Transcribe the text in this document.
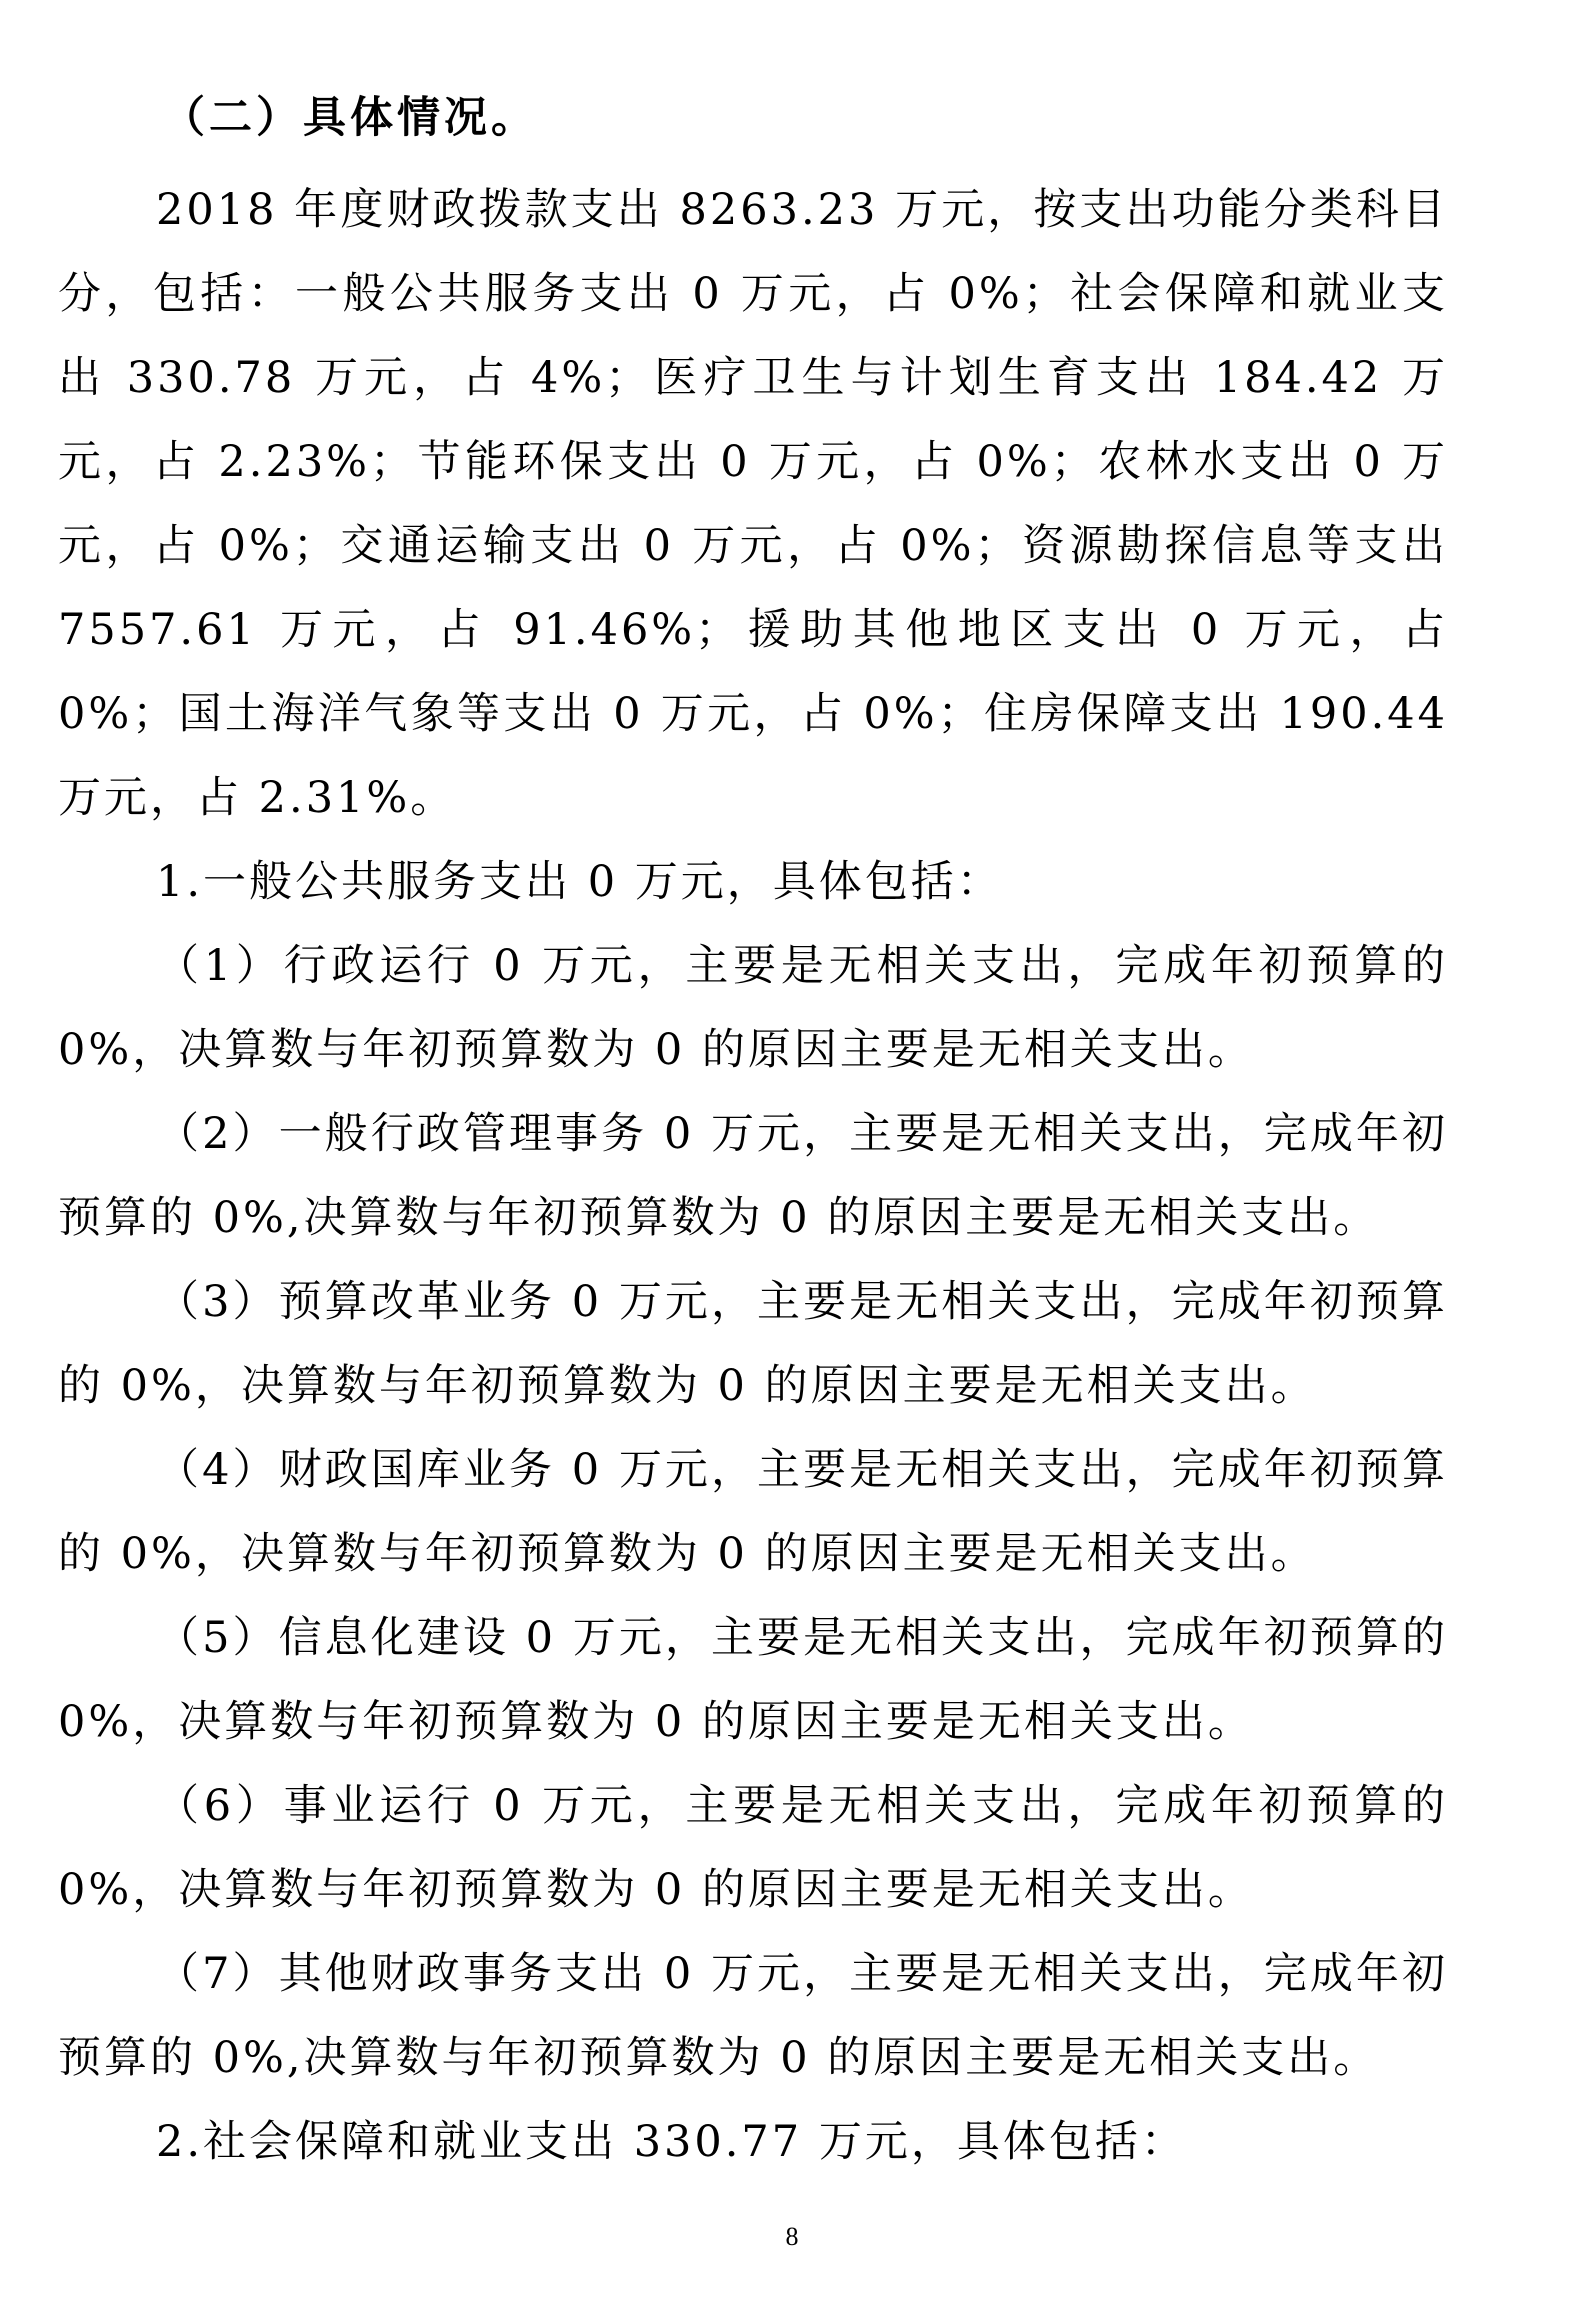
（二）具体情况。

2018 年度财政拨款支出 8263.23 万元，按支出功能分类科目分，包括：一般公共服务支出 0 万元，占 0%；社会保障和就业支出 330.78 万元，占 4%；医疗卫生与计划生育支出 184.42 万元，占 2.23%；节能环保支出 0 万元，占 0%；农林水支出 0 万元，占 0%；交通运输支出 0 万元，占 0%；资源勘探信息等支出 7557.61 万元，占 91.46%；援助其他地区支出 0 万元，占 0%；国土海洋气象等支出 0 万元，占 0%；住房保障支出 190.44 万元，占 2.31%。

1.一般公共服务支出 0 万元，具体包括：

（1）行政运行 0 万元，主要是无相关支出，完成年初预算的 0%，决算数与年初预算数为 0 的原因主要是无相关支出。

（2）一般行政管理事务 0 万元，主要是无相关支出，完成年初预算的 0%,决算数与年初预算数为 0 的原因主要是无相关支出。

（3）预算改革业务 0 万元，主要是无相关支出，完成年初预算的 0%，决算数与年初预算数为 0 的原因主要是无相关支出。

（4）财政国库业务 0 万元，主要是无相关支出，完成年初预算的 0%，决算数与年初预算数为 0 的原因主要是无相关支出。

（5）信息化建设 0 万元，主要是无相关支出，完成年初预算的 0%，决算数与年初预算数为 0 的原因主要是无相关支出。

（6）事业运行 0 万元，主要是无相关支出，完成年初预算的 0%，决算数与年初预算数为 0 的原因主要是无相关支出。

（7）其他财政事务支出 0 万元，主要是无相关支出，完成年初预算的 0%,决算数与年初预算数为 0 的原因主要是无相关支出。

2.社会保障和就业支出 330.77 万元，具体包括：

8
